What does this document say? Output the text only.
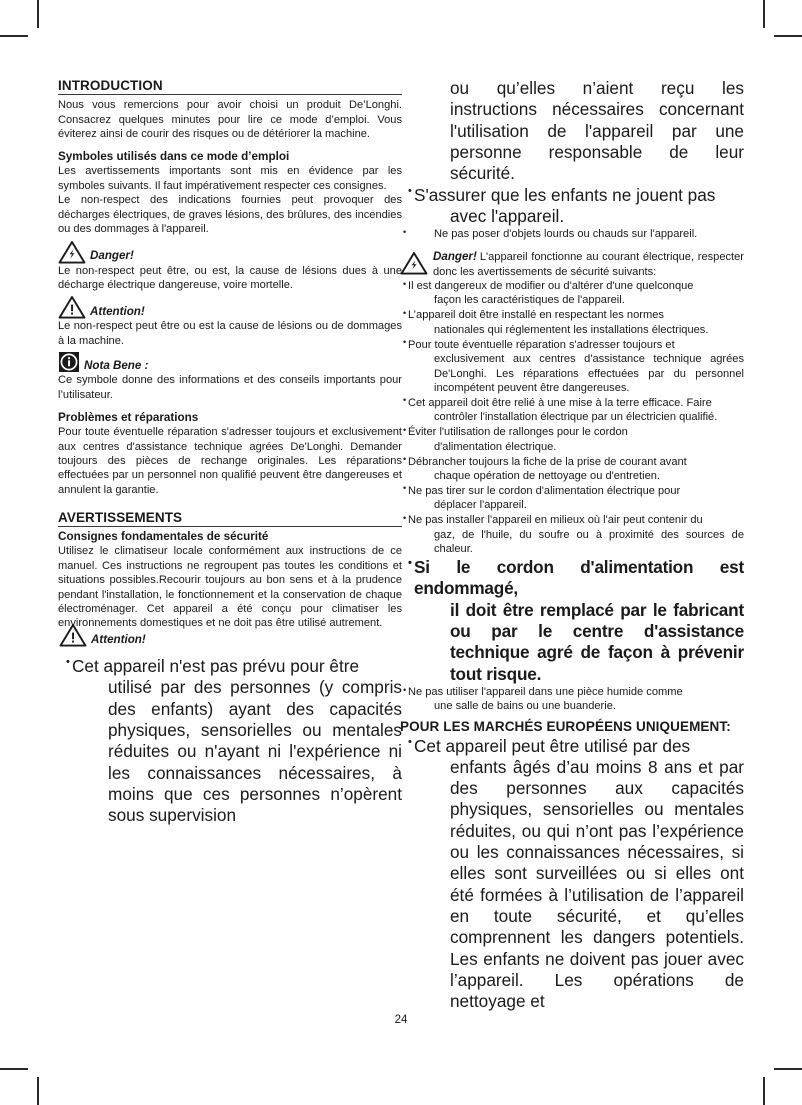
INTRODUCTION

Nous vous remercions pour avoir choisi un produit De’Longhi. Consacrez quelques minutes pour lire ce mode d’emploi. Vous éviterez ainsi de courir des risques ou de détériorer la machine.

Symboles utilisés dans ce mode d’emploi

Les avertissements importants sont mis en évidence par les symboles suivants. Il faut impérativement respecter ces consignes.

Le non-respect des indications fournies peut provoquer des décharges électriques, de graves lésions, des brûlures, des incendies ou des dommages à l'appareil.

Danger!

Le non-respect peut être, ou est, la cause de lésions dues à une décharge électrique dangereuse, voire mortelle.

Attention!

Le non-respect peut être ou est la cause de lésions ou de dommages à la machine.

Nota Bene :

Ce symbole donne des informations et des conseils importants pour l’utilisateur.

Problèmes et réparations

Pour toute éventuelle réparation s'adresser toujours et exclusivement aux centres d'assistance technique agrées De'Longhi. Demander toujours des pièces de rechange originales. Les réparations effectuées par un personnel non qualifié peuvent être dangereuses et annulent la garantie.

AVERTISSEMENTS
Consignes fondamentales de sécurité

Utilisez le climatiseur locale conformément aux instructions de ce manuel. Ces instructions ne regroupent pas toutes les conditions et situations possibles.Recourir toujours au bon sens et à la prudence pendant l'installation, le fonctionnement et la conservation de chaque électroménager. Cet appareil a été conçu pour climatiser les environnements domestiques et ne doit pas être utilisé autrement.

Attention!
• Cet appareil n'est pas prévu pour être
utilisé par des personnes (y compris des enfants) ayant des capacités physiques, sensorielles ou mentales réduites ou n'ayant ni l'expérience ni les connaissances nécessaires, à moins que ces personnes n’opèrent sous supervision

ou qu’elles n’aient reçu les instructions nécessaires concernant l'utilisation de l'appareil par une personne responsable de leur sécurité.

• S'assurer que les enfants ne jouent pas
avec l'appareil.
• Ne pas poser d'objets lourds ou chauds sur l'appareil.
Danger! L'appareil fonctionne au courant électrique, respecter donc les avertissements de sécurité suivants:
• Il est dangereux de modifier ou d'altérer d'une quelconque
façon les caractéristiques de l'appareil.
• L’appareil doit être installé en respectant les normes
nationales qui réglementent les installations électriques.
• Pour toute éventuelle réparation s'adresser toujours et
exclusivement aux centres d'assistance technique agrées De'Longhi. Les réparations effectuées par du personnel incompétent peuvent être dangereuses.
• Cet appareil doit être relié à une mise à la terre efficace. Faire
contrôler l'installation électrique par un électricien qualifié.
• Éviter l'utilisation de rallonges pour le cordon
d'alimentation électrique.
• Débrancher toujours la fiche de la prise de courant avant
chaque opération de nettoyage ou d'entretien.
• Ne pas tirer sur le cordon d'alimentation électrique pour
déplacer l'appareil.
• Ne pas installer l'appareil en milieux où l'air peut contenir du
gaz, de l'huile, du soufre ou à proximité des sources de chaleur.
• Si le cordon d'alimentation est endommagé,
il doit être remplacé par le fabricant ou par le centre d'assistance technique agré de façon à prévenir tout risque.
• Ne pas utiliser l'appareil dans une pièce humide comme
une salle de bains ou une buanderie.
POUR LES MARCHÉS EUROPÉENS UNIQUEMENT:
• Cet appareil peut être utilisé par des
enfants âgés d’au moins 8 ans et par des personnes aux capacités physiques, sensorielles ou mentales réduites, ou qui n’ont pas l’expérience ou les connaissances nécessaires, si elles sont surveillées ou si elles ont été formées à l’utilisation de l’appareil en toute sécurité, et qu’elles comprennent les dangers potentiels. Les enfants ne doivent pas jouer avec l’appareil. Les opérations de nettoyage et
24
